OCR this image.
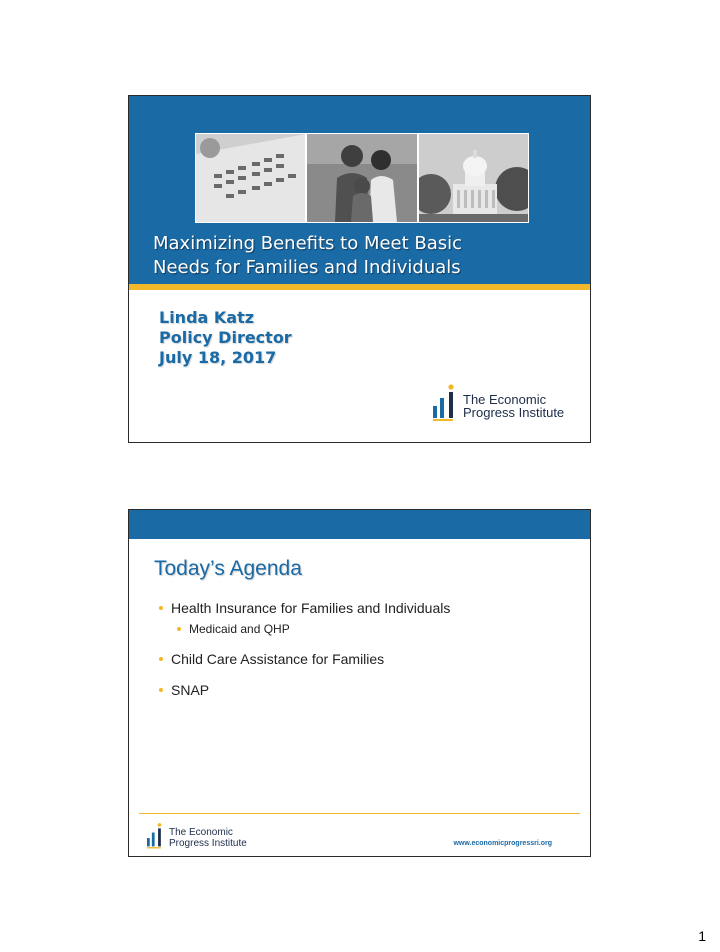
Maximizing Benefits to Meet Basic
Needs for Families and Individuals
Linda Katz
Policy Director
July 18, 2017
The Economic
Progress Institute
Today’s Agenda
Health Insurance for Families and Individuals
Medicaid and QHP
Child Care Assistance for Families
SNAP
The Economic
Progress Institute	www.economicprogressri.org
1
